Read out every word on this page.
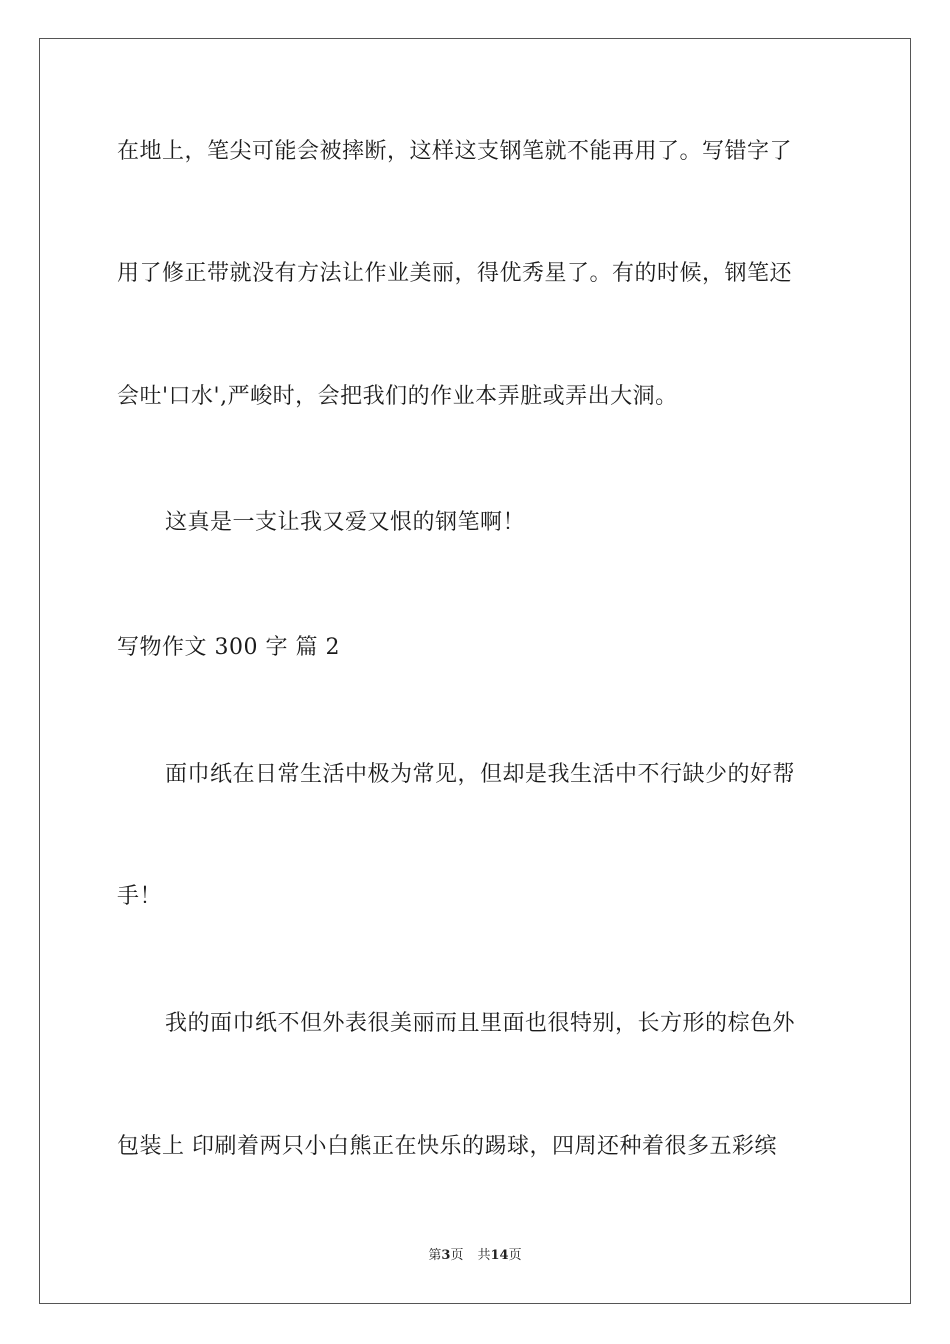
在地上，笔尖可能会被摔断，这样这支钢笔就不能再用了。写错字了
用了修正带就没有方法让作业美丽，得优秀星了。有的时候，钢笔还
会吐'口水',严峻时，会把我们的作业本弄脏或弄出大洞。
这真是一支让我又爱又恨的钢笔啊！
写物作文 300 字 篇 2
面巾纸在日常生活中极为常见，但却是我生活中不行缺少的好帮
手！
我的面巾纸不但外表很美丽而且里面也很特别，长方形的棕色外
包装上 印刷着两只小白熊正在快乐的踢球，四周还种着很多五彩缤
第3页 共14页
